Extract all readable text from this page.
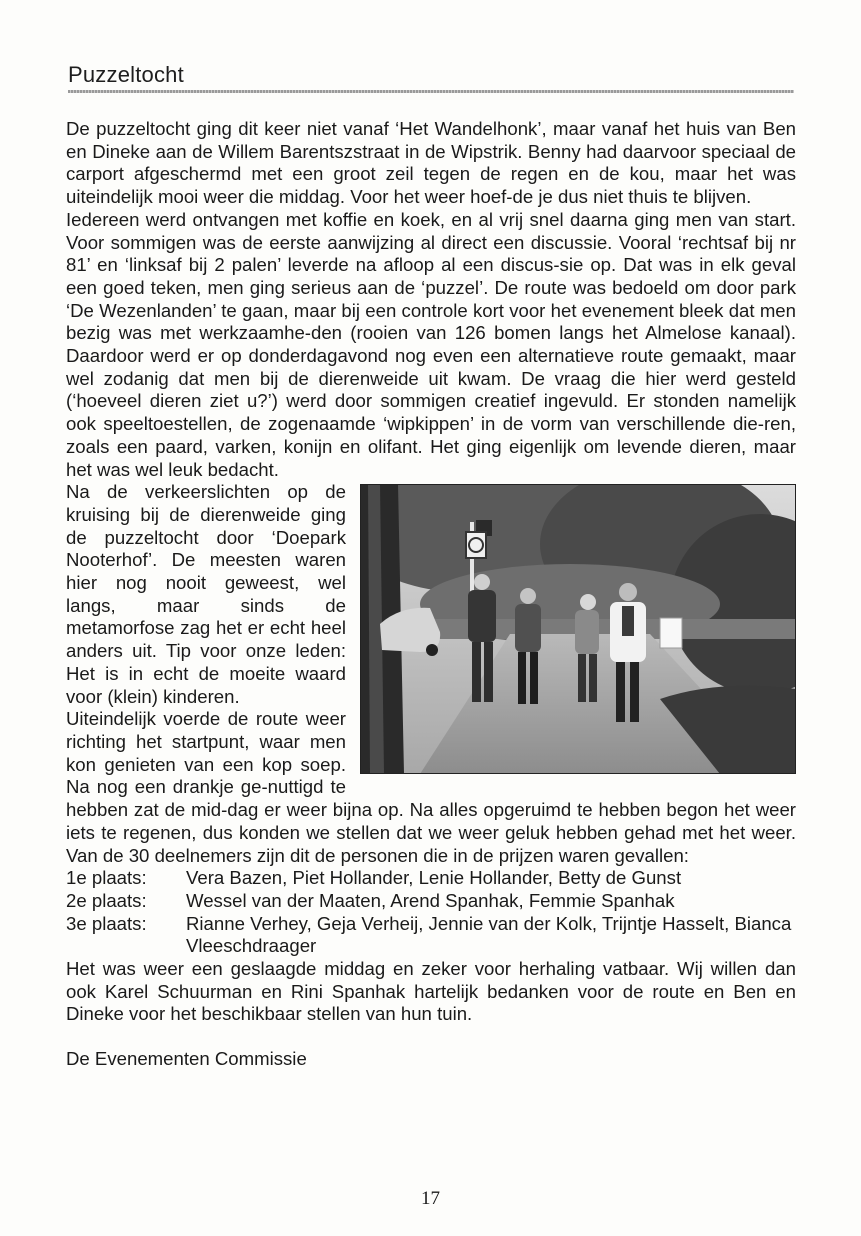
Puzzeltocht

De puzzeltocht ging dit keer niet vanaf ‘Het Wandelhonk’, maar vanaf het huis van Ben en Dineke aan de Willem Barentszstraat in de Wipstrik. Benny had daarvoor speciaal de carport afgeschermd met een groot zeil tegen de regen en de kou, maar het was uiteindelijk mooi weer die middag. Voor het weer hoef-de je dus niet thuis te blijven.

Iedereen werd ontvangen met koffie en koek, en al vrij snel daarna ging men van start. Voor sommigen was de eerste aanwijzing al direct een discussie. Vooral ‘rechtsaf bij nr 81’ en ‘linksaf bij 2 palen’ leverde na afloop al een discus-sie op. Dat was in elk geval een goed teken, men ging serieus aan de ‘puzzel’. De route was bedoeld om door park ‘De Wezenlanden’ te gaan, maar bij een controle kort voor het evenement bleek dat men bezig was met werkzaamhe-den (rooien van 126 bomen langs het Almelose kanaal). Daardoor werd er op donderdagavond nog even een alternatieve route gemaakt, maar wel zodanig dat men bij de dierenweide uit kwam. De vraag die hier werd gesteld (‘hoeveel dieren ziet u?’) werd door sommigen creatief ingevuld. Er stonden namelijk ook speeltoestellen, de zogenaamde ‘wipkippen’ in de vorm van verschillende die-ren, zoals een paard, varken, konijn en olifant. Het ging eigenlijk om levende dieren, maar het was wel leuk bedacht.

Na de verkeerslichten op de kruising bij de dierenweide ging de puzzeltocht door ‘Doepark Nooterhof’. De meesten waren hier nog nooit geweest, wel langs, maar sinds de metamorfose zag het er echt heel anders uit. Tip voor onze leden: Het is in echt de moeite waard voor (klein) kinderen.

Uiteindelijk voerde de route weer richting het startpunt, waar men kon genieten van een kop soep. Na nog een drankje ge-nuttigd te hebben zat de mid-dag er weer bijna op. Na alles opgeruimd te hebben begon het weer iets te regenen, dus konden we stellen dat we weer geluk hebben gehad met het weer. Van de 30 deelnemers zijn dit de personen die in de prijzen waren gevallen:

1e plaats:	Vera Bazen, Piet Hollander, Lenie Hollander, Betty de Gunst
2e plaats:	Wessel van der Maaten, Arend Spanhak, Femmie Spanhak
3e plaats:	Rianne Verhey, Geja Verheij, Jennie van der Kolk, Trijntje Hasselt, Bianca Vleeschdraager

Het was weer een geslaagde middag en zeker voor herhaling vatbaar. Wij willen dan ook Karel Schuurman en Rini Spanhak hartelijk bedanken voor de route en Ben en Dineke voor het beschikbaar stellen van hun tuin.

De Evenementen Commissie

17
